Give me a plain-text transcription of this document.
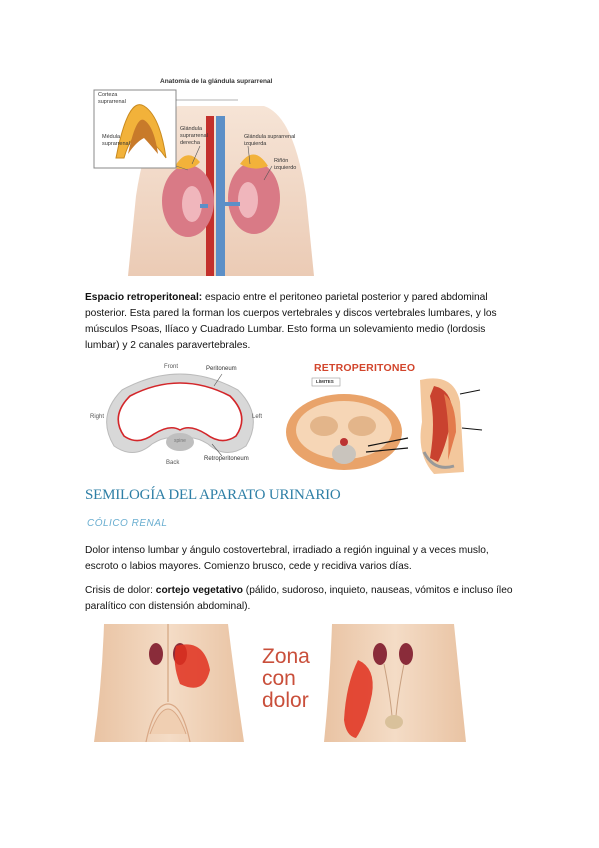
Anatomía de la glándula suprarrenal
Corteza
suprarrenal
Médula
suprarrenal
Glándula
suprarrenal
derecha
Glándula suprarrenal
izquierda
Riñón
izquierdo
Espacio retroperitoneal: espacio entre el peritoneo parietal posterior y pared abdominal posterior. Esta pared la forman los cuerpos vertebrales y discos vertebrales lumbares, y los músculos Psoas, Ilíaco y Cuadrado Lumbar. Esto forma un solevamiento medio (lordosis lumbar) y 2 canales paravertebrales.
Front	Peritoneum
Right	Left
spine
Back
Retroperitoneum
RETROPERITONEO
LÍMITES
SEMILOGÍA DEL APARATO URINARIO
CÓLICO RENAL
Dolor intenso lumbar y ángulo costovertebral, irradiado a región inguinal y a veces muslo, escroto o labios mayores. Comienzo brusco, cede y recidiva varios días.
Crisis de dolor: cortejo vegetativo (pálido, sudoroso, inquieto, nauseas, vómitos e incluso íleo paralítico con distensión abdominal).
Zona
con
dolor
